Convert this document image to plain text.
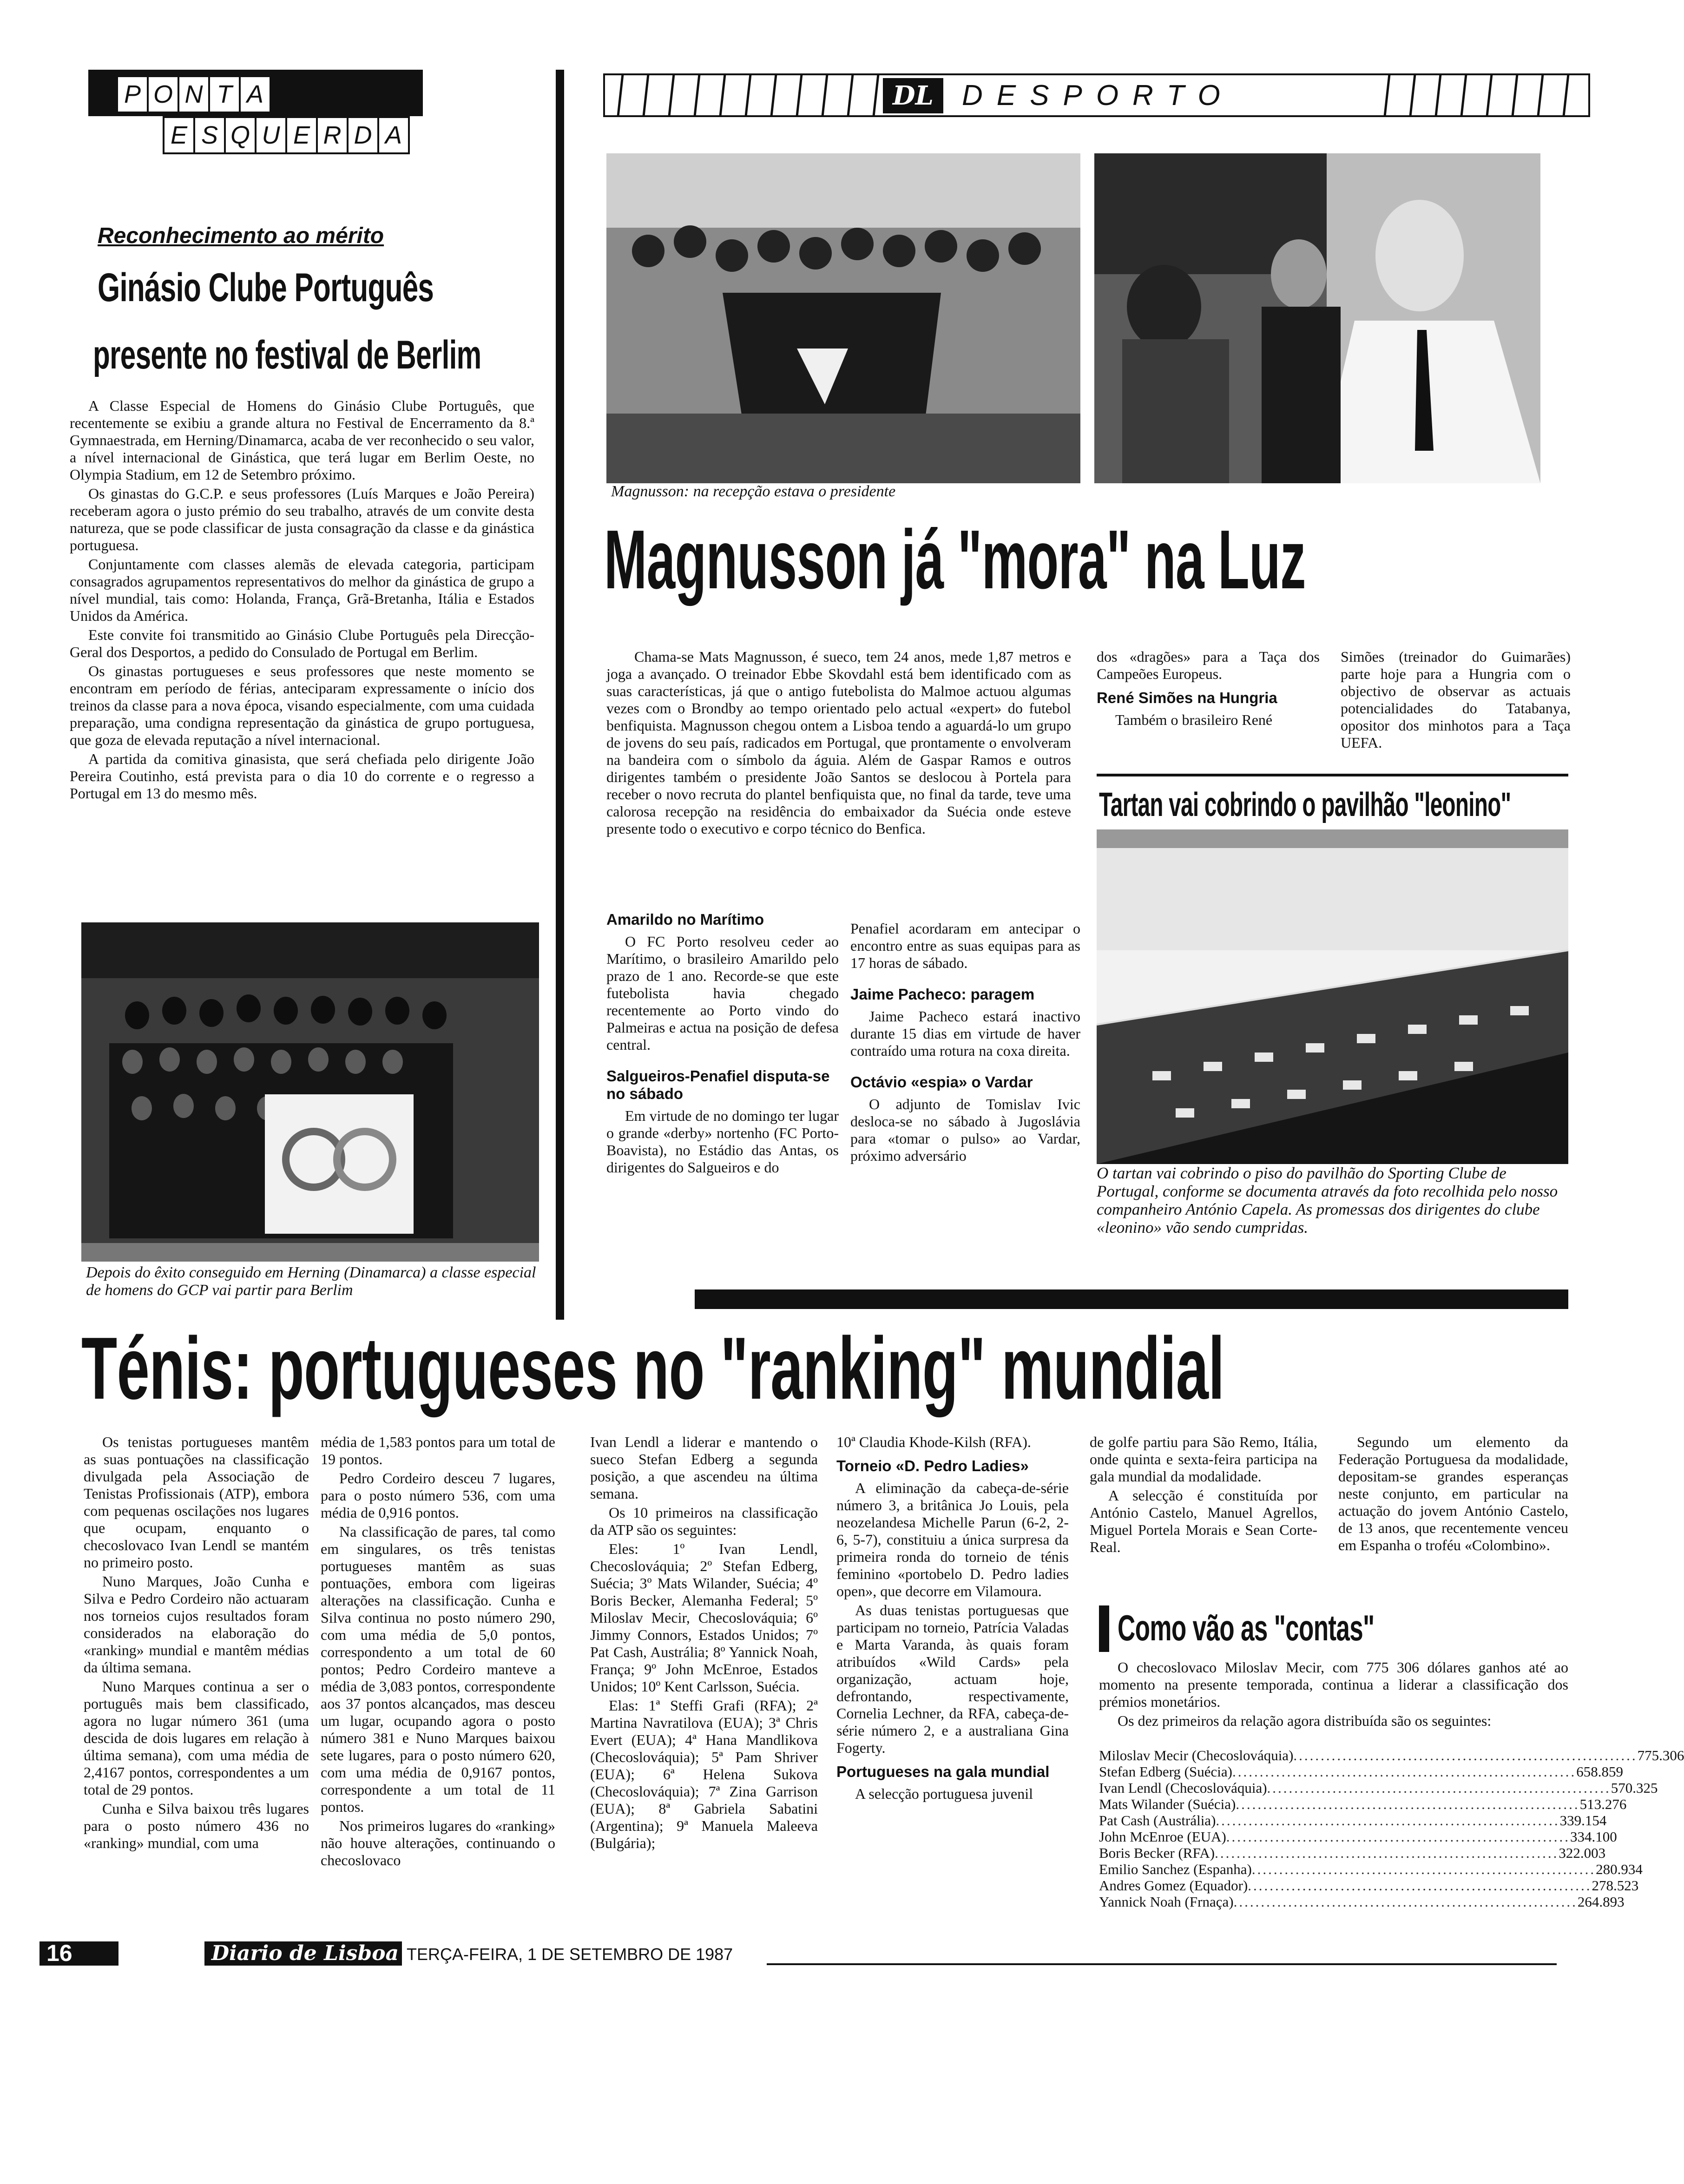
P O N T A
E S Q U E R D A
DL DESPORTO
Reconhecimento ao mérito
Ginásio Clube Português
presente no festival de Berlim

A Classe Especial de Homens do Ginásio Clube Português, que recentemente se exibiu a grande altura no Festival de Encerramento da 8.ª Gymnaestrada, em Herning/Dinamarca, acaba de ver reconhecido o seu valor, a nível internacional de Ginástica, que terá lugar em Berlim Oeste, no Olympia Stadium, em 12 de Setembro próximo.

Os ginastas do G.C.P. e seus professores (Luís Marques e João Pereira) receberam agora o justo prémio do seu trabalho, através de um convite desta natureza, que se pode classificar de justa consagração da classe e da ginástica portuguesa.

Conjuntamente com classes alemãs de elevada categoria, participam consagrados agrupamentos representativos do melhor da ginástica de grupo a nível mundial, tais como: Holanda, França, Grã-Bretanha, Itália e Estados Unidos da América.

Este convite foi transmitido ao Ginásio Clube Português pela Direcção-Geral dos Desportos, a pedido do Consulado de Portugal em Berlim.

Os ginastas portugueses e seus professores que neste momento se encontram em período de férias, anteciparam expressamente o início dos treinos da classe para a nova época, visando especialmente, com uma cuidada preparação, uma condigna representação da ginástica de grupo portuguesa, que goza de elevada reputação a nível internacional.

A partida da comitiva ginasista, que será chefiada pelo dirigente João Pereira Coutinho, está prevista para o dia 10 do corrente e o regresso a Portugal em 13 do mesmo mês.

Depois do êxito conseguido em Herning (Dinamarca) a classe especial de homens do GCP vai partir para Berlim
Magnusson: na recepção estava o presidente
Magnusson já "mora" na Luz

Chama-se Mats Magnusson, é sueco, tem 24 anos, mede 1,87 metros e joga a avançado. O treinador Ebbe Skovdahl está bem identificado com as suas características, já que o antigo futebolista do Malmoe actuou algumas vezes com o Brondby ao tempo orientado pelo actual «expert» do futebol benfiquista. Magnusson chegou ontem a Lisboa tendo a aguardá-lo um grupo de jovens do seu país, radicados em Portugal, que prontamente o envolveram na bandeira com o símbolo da águia. Além de Gaspar Ramos e outros dirigentes também o presidente João Santos se deslocou à Portela para receber o novo recruta do plantel benfiquista que, no final da tarde, teve uma calorosa recepção na residência do embaixador da Suécia onde esteve presente todo o executivo e corpo técnico do Benfica.

dos «dragões» para a Taça dos Campeões Europeus.

René Simões na Hungria

Também o brasileiro René

Simões (treinador do Guimarães) parte hoje para a Hungria com o objectivo de observar as actuais potencialidades do Tatabanya, opositor dos minhotos para a Taça UEFA.

Amarildo no Marítimo

O FC Porto resolveu ceder ao Marítimo, o brasileiro Amarildo pelo prazo de 1 ano. Recorde-se que este futebolista havia chegado recentemente ao Porto vindo do Palmeiras e actua na posição de defesa central.

Salgueiros-Penafiel disputa-se no sábado

Em virtude de no domingo ter lugar o grande «derby» nortenho (FC Porto-Boavista), no Estádio das Antas, os dirigentes do Salgueiros e do

Penafiel acordaram em antecipar o encontro entre as suas equipas para as 17 horas de sábado.

Jaime Pacheco: paragem

Jaime Pacheco estará inactivo durante 15 dias em virtude de haver contraído uma rotura na coxa direita.

Octávio «espia» o Vardar

O adjunto de Tomislav Ivic desloca-se no sábado à Jugoslávia para «tomar o pulso» ao Vardar, próximo adversário

Tartan vai cobrindo o pavilhão "leonino"
O tartan vai cobrindo o piso do pavilhão do Sporting Clube de Portugal, conforme se documenta através da foto recolhida pelo nosso companheiro António Capela. As promessas dos dirigentes do clube «leonino» vão sendo cumpridas.
Ténis: portugueses no "ranking" mundial

Os tenistas portugueses mantêm as suas pontuações na classificação divulgada pela Associação de Tenistas Profissionais (ATP), embora com pequenas oscilações nos lugares que ocupam, enquanto o checoslovaco Ivan Lendl se mantém no primeiro posto.

Nuno Marques, João Cunha e Silva e Pedro Cordeiro não actuaram nos torneios cujos resultados foram considerados na elaboração do «ranking» mundial e mantêm médias da última semana.

Nuno Marques continua a ser o português mais bem classificado, agora no lugar número 361 (uma descida de dois lugares em relação à última semana), com uma média de 2,4167 pontos, correspondentes a um total de 29 pontos.

Cunha e Silva baixou três lugares para o posto número 436 no «ranking» mundial, com uma

média de 1,583 pontos para um total de 19 pontos.

Pedro Cordeiro desceu 7 lugares, para o posto número 536, com uma média de 0,916 pontos.

Na classificação de pares, tal como em singulares, os três tenistas portugueses mantêm as suas pontuações, embora com ligeiras alterações na classificação. Cunha e Silva continua no posto número 290, com uma média de 5,0 pontos, correspondento a um total de 60 pontos; Pedro Cordeiro manteve a média de 3,083 pontos, correspondente aos 37 pontos alcançados, mas desceu um lugar, ocupando agora o posto número 381 e Nuno Marques baixou sete lugares, para o posto número 620, com uma média de 0,9167 pontos, correspondente a um total de 11 pontos.

Nos primeiros lugares do «ranking» não houve alterações, continuando o checoslovaco

Ivan Lendl a liderar e mantendo o sueco Stefan Edberg a segunda posição, a que ascendeu na última semana.

Os 10 primeiros na classificação da ATP são os seguintes:

Eles: 1º Ivan Lendl, Checoslováquia; 2º Stefan Edberg, Suécia; 3º Mats Wilander, Suécia; 4º Boris Becker, Alemanha Federal; 5º Miloslav Mecir, Checoslováquia; 6º Jimmy Connors, Estados Unidos; 7º Pat Cash, Austrália; 8º Yannick Noah, França; 9º John McEnroe, Estados Unidos; 10º Kent Carlsson, Suécia.

Elas: 1ª Steffi Grafi (RFA); 2ª Martina Navratilova (EUA); 3ª Chris Evert (EUA); 4ª Hana Mandlikova (Checoslováquia); 5ª Pam Shriver (EUA); 6ª Helena Sukova (Checoslováquia); 7ª Zina Garrison (EUA); 8ª Gabriela Sabatini (Argentina); 9ª Manuela Maleeva (Bulgária);

10ª Claudia Khode-Kilsh (RFA).

Torneio «D. Pedro Ladies»

A eliminação da cabeça-de-série número 3, a britânica Jo Louis, pela neozelandesa Michelle Parun (6-2, 2-6, 5-7), constituiu a única surpresa da primeira ronda do torneio de ténis feminino «portobelo D. Pedro ladies open», que decorre em Vilamoura.

As duas tenistas portuguesas que participam no torneio, Patrícia Valadas e Marta Varanda, às quais foram atribuídos «Wild Cards» pela organização, actuam hoje, defrontando, respectivamente, Cornelia Lechner, da RFA, cabeça-de-série número 2, e a australiana Gina Fogerty.

Portugueses na gala mundial

A selecção portuguesa juvenil

de golfe partiu para São Remo, Itália, onde quinta e sexta-feira participa na gala mundial da modalidade.

A selecção é constituída por António Castelo, Manuel Agrellos, Miguel Portela Morais e Sean Corte-Real.

Segundo um elemento da Federação Portuguesa da modalidade, depositam-se grandes esperanças neste conjunto, em particular na actuação do jovem António Castelo, de 13 anos, que recentemente venceu em Espanha o troféu «Colombino».

Como vão as "contas"

O checoslovaco Miloslav Mecir, com 775 306 dólares ganhos até ao momento na presente temporada, continua a liderar a classificação dos prémios monetários.

Os dez primeiros da relação agora distribuída são os seguintes:

Miloslav Mecir (Checoslováquia) ............................................................... 775.306
Stefan Edberg (Suécia) ............................................................... 658.859
Ivan Lendl (Checoslováquia) ............................................................... 570.325
Mats Wilander (Suécia) ............................................................... 513.276
Pat Cash (Austrália) ............................................................... 339.154
John McEnroe (EUA) ............................................................... 334.100
Boris Becker (RFA) ............................................................... 322.003
Emilio Sanchez (Espanha) ............................................................... 280.934
Andres Gomez (Equador) ............................................................... 278.523
Yannick Noah (Frnaça) ............................................................... 264.893
16	Diario de Lisboa TERÇA-FEIRA, 1 DE SETEMBRO DE 1987
